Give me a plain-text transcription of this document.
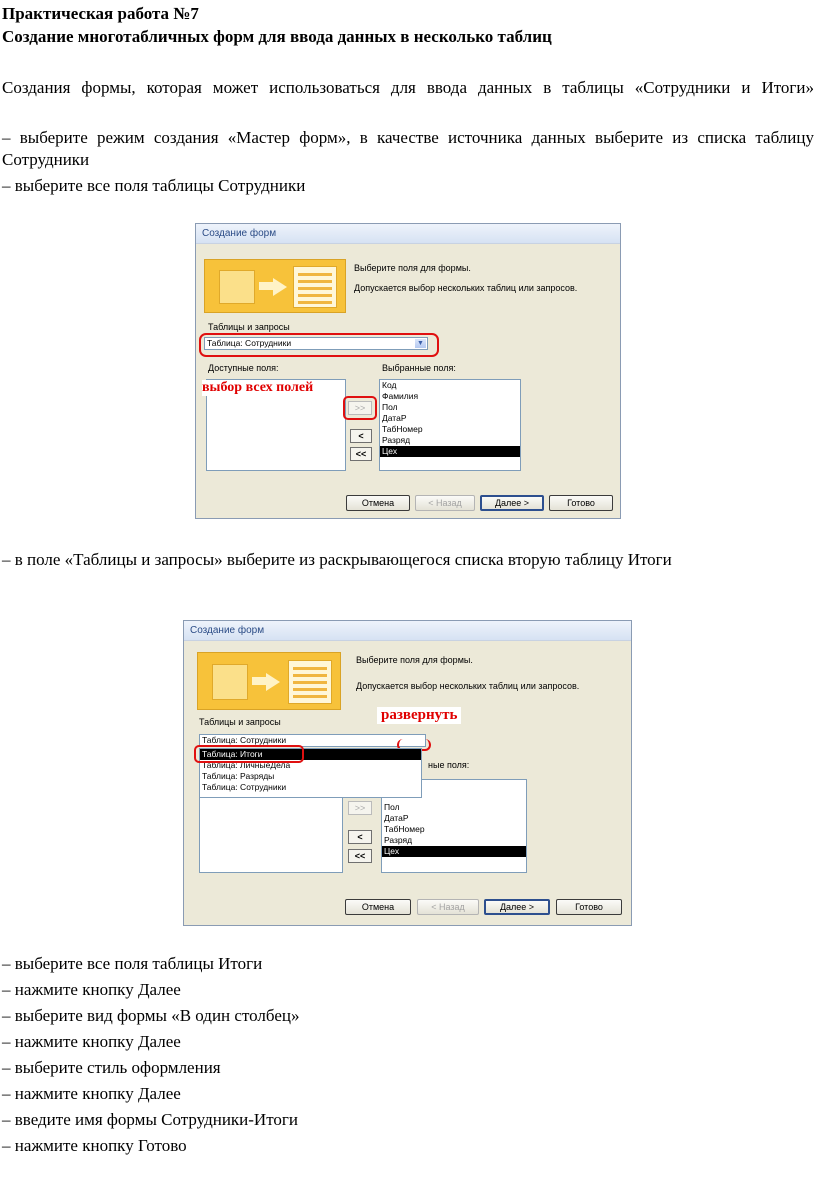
Практическая работа №7
Создание многотабличных форм для ввода данных в несколько таблиц
Создания формы, которая может использоваться для ввода данных в таблицы «Сотрудники и Итоги»
– выберите режим создания «Мастер форм», в качестве источника данных выберите из списка таблицу Сотрудники
– выберите все поля таблицы Сотрудники
Создание форм
Выберите поля для формы.
Допускается выбор нескольких таблиц или запросов.
Таблицы и запросы
Таблица: Сотрудники	▼
Доступные поля:	Выбранные поля:
выбор всех полей
>>
<
<<
Код
Фамилия
Пол
ДатаР
ТабНомер
Разряд
Цех
Отмена	< Назад	Далее >	Готово
– в поле «Таблицы и запросы» выберите из раскрывающегося списка вторую таблицу Итоги
Создание форм
Выберите поля для формы.
Допускается выбор нескольких таблиц или запросов.
Таблицы и запросы
Таблица: Сотрудники
развернуть
Таблица: Итоги
Таблица: ЛичныеДела
Таблица: Разряды
Таблица: Сотрудники
ные поля:
>>
<
<<
Пол
ДатаР
ТабНомер
Разряд
Цех
Отмена	< Назад	Далее >	Готово
– выберите все поля таблицы Итоги
– нажмите кнопку Далее
– выберите вид формы «В один столбец»
– нажмите кнопку Далее
– выберите стиль оформления
– нажмите кнопку Далее
– введите имя формы Сотрудники-Итоги
– нажмите кнопку Готово
